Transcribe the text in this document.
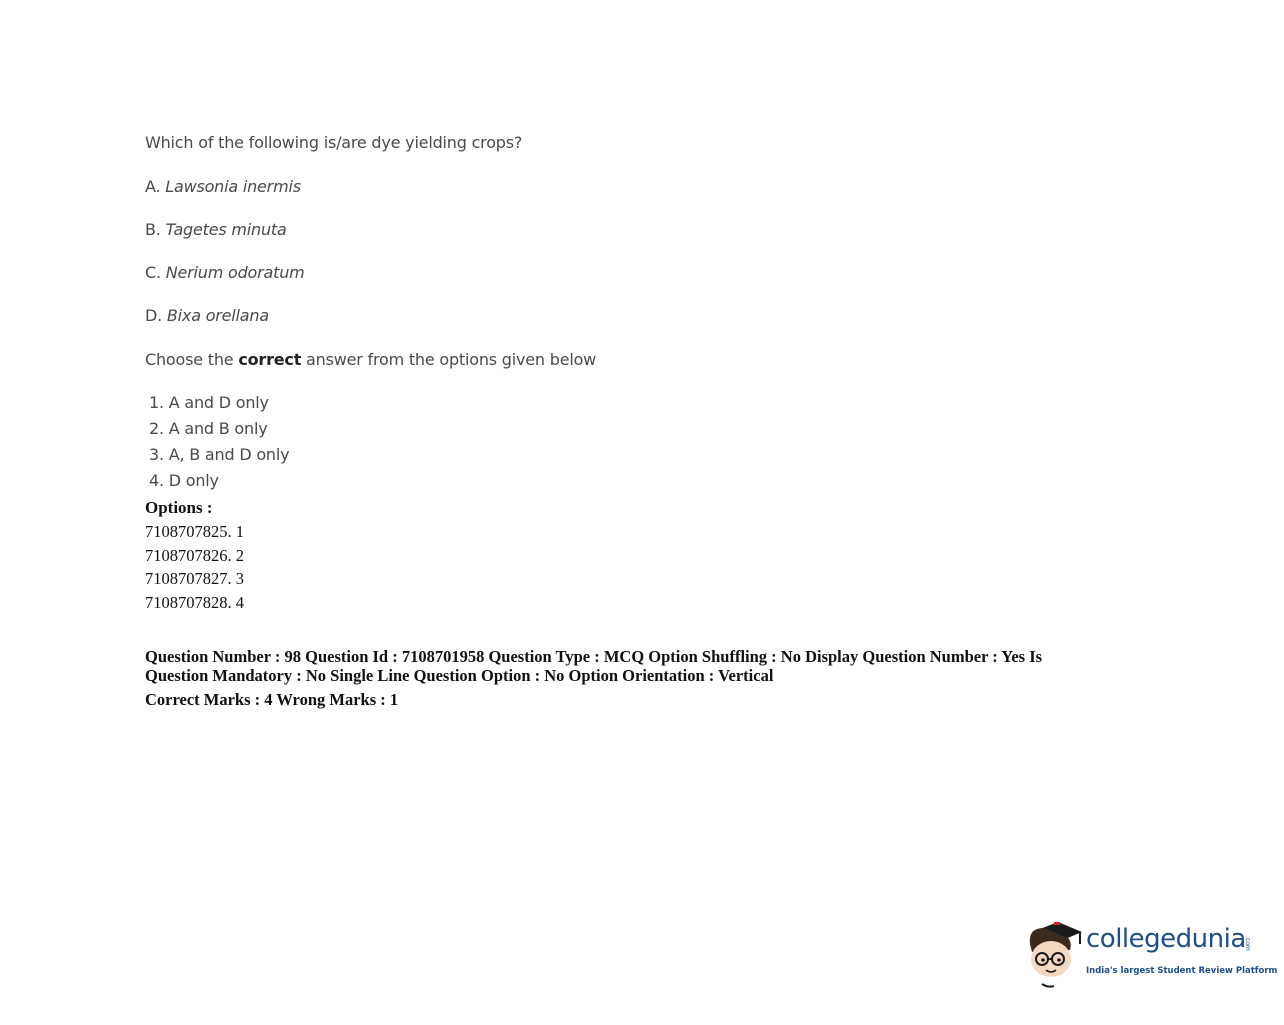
Which of the following is/are dye yielding crops?
A. Lawsonia inermis
B. Tagetes minuta
C. Nerium odoratum
D. Bixa orellana
Choose the correct answer from the options given below
1. A and D only
2. A and B only
3. A, B and D only
4. D only
Options :
7108707825. 1
7108707826. 2
7108707827. 3
7108707828. 4
Question Number : 98 Question Id : 7108701958 Question Type : MCQ Option Shuffling : No Display Question Number : Yes Is Question Mandatory : No Single Line Question Option : No Option Orientation : Vertical
Correct Marks : 4 Wrong Marks : 1
collegedunia
.com
India's largest Student Review Platform
